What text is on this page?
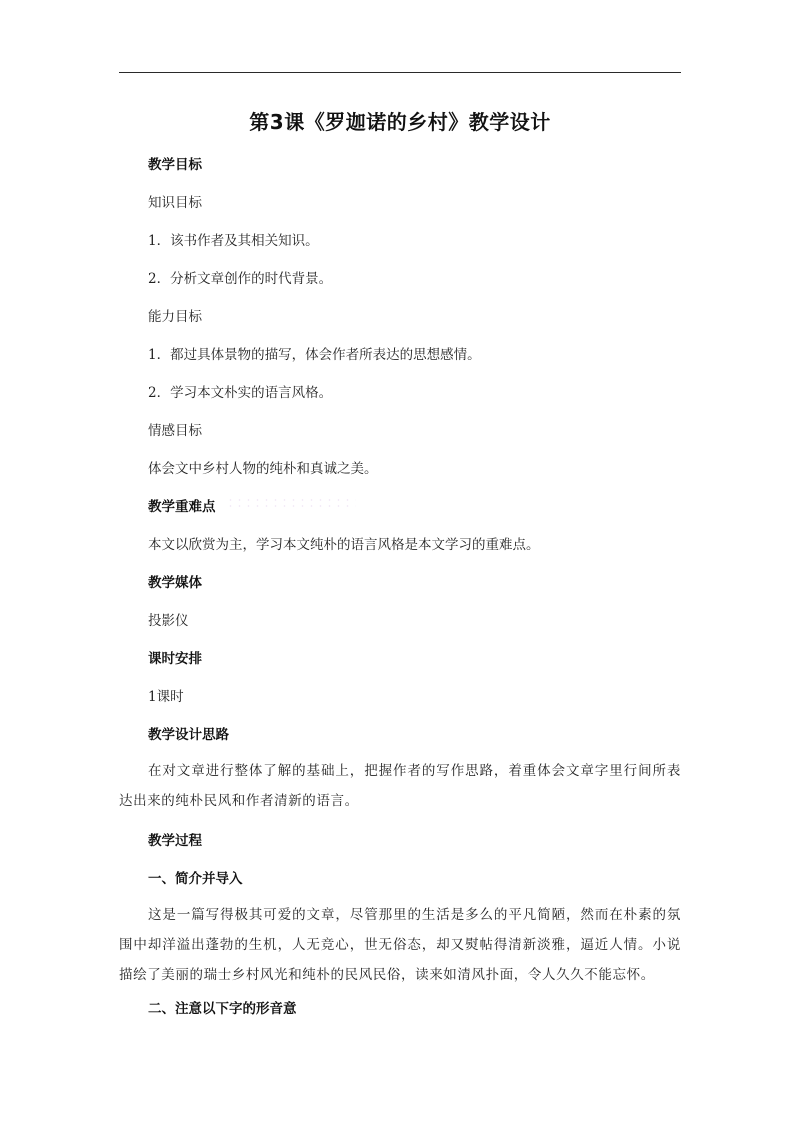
第3课《罗迦诺的乡村》教学设计
教学目标
知识目标
1．该书作者及其相关知识。
2．分析文章创作的时代背景。
能力目标
1．都过具体景物的描写，体会作者所表达的思想感情。
2．学习本文朴实的语言风格。
情感目标
体会文中乡村人物的纯朴和真诚之美。
教学重难点
本文以欣赏为主，学习本文纯朴的语言风格是本文学习的重难点。
教学媒体
投影仪
课时安排
1课时
教学设计思路
在对文章进行整体了解的基础上，把握作者的写作思路，着重体会文章字里行间所表达出来的纯朴民风和作者清新的语言。
教学过程
一、简介并导入
这是一篇写得极其可爱的文章，尽管那里的生活是多么的平凡简陋，然而在朴素的氛围中却洋溢出蓬勃的生机，人无竞心，世无俗态，却又熨帖得清新淡雅，逼近人情。小说描绘了美丽的瑞士乡村风光和纯朴的民风民俗，读来如清风扑面，令人久久不能忘怀。
二、注意以下字的形音意
